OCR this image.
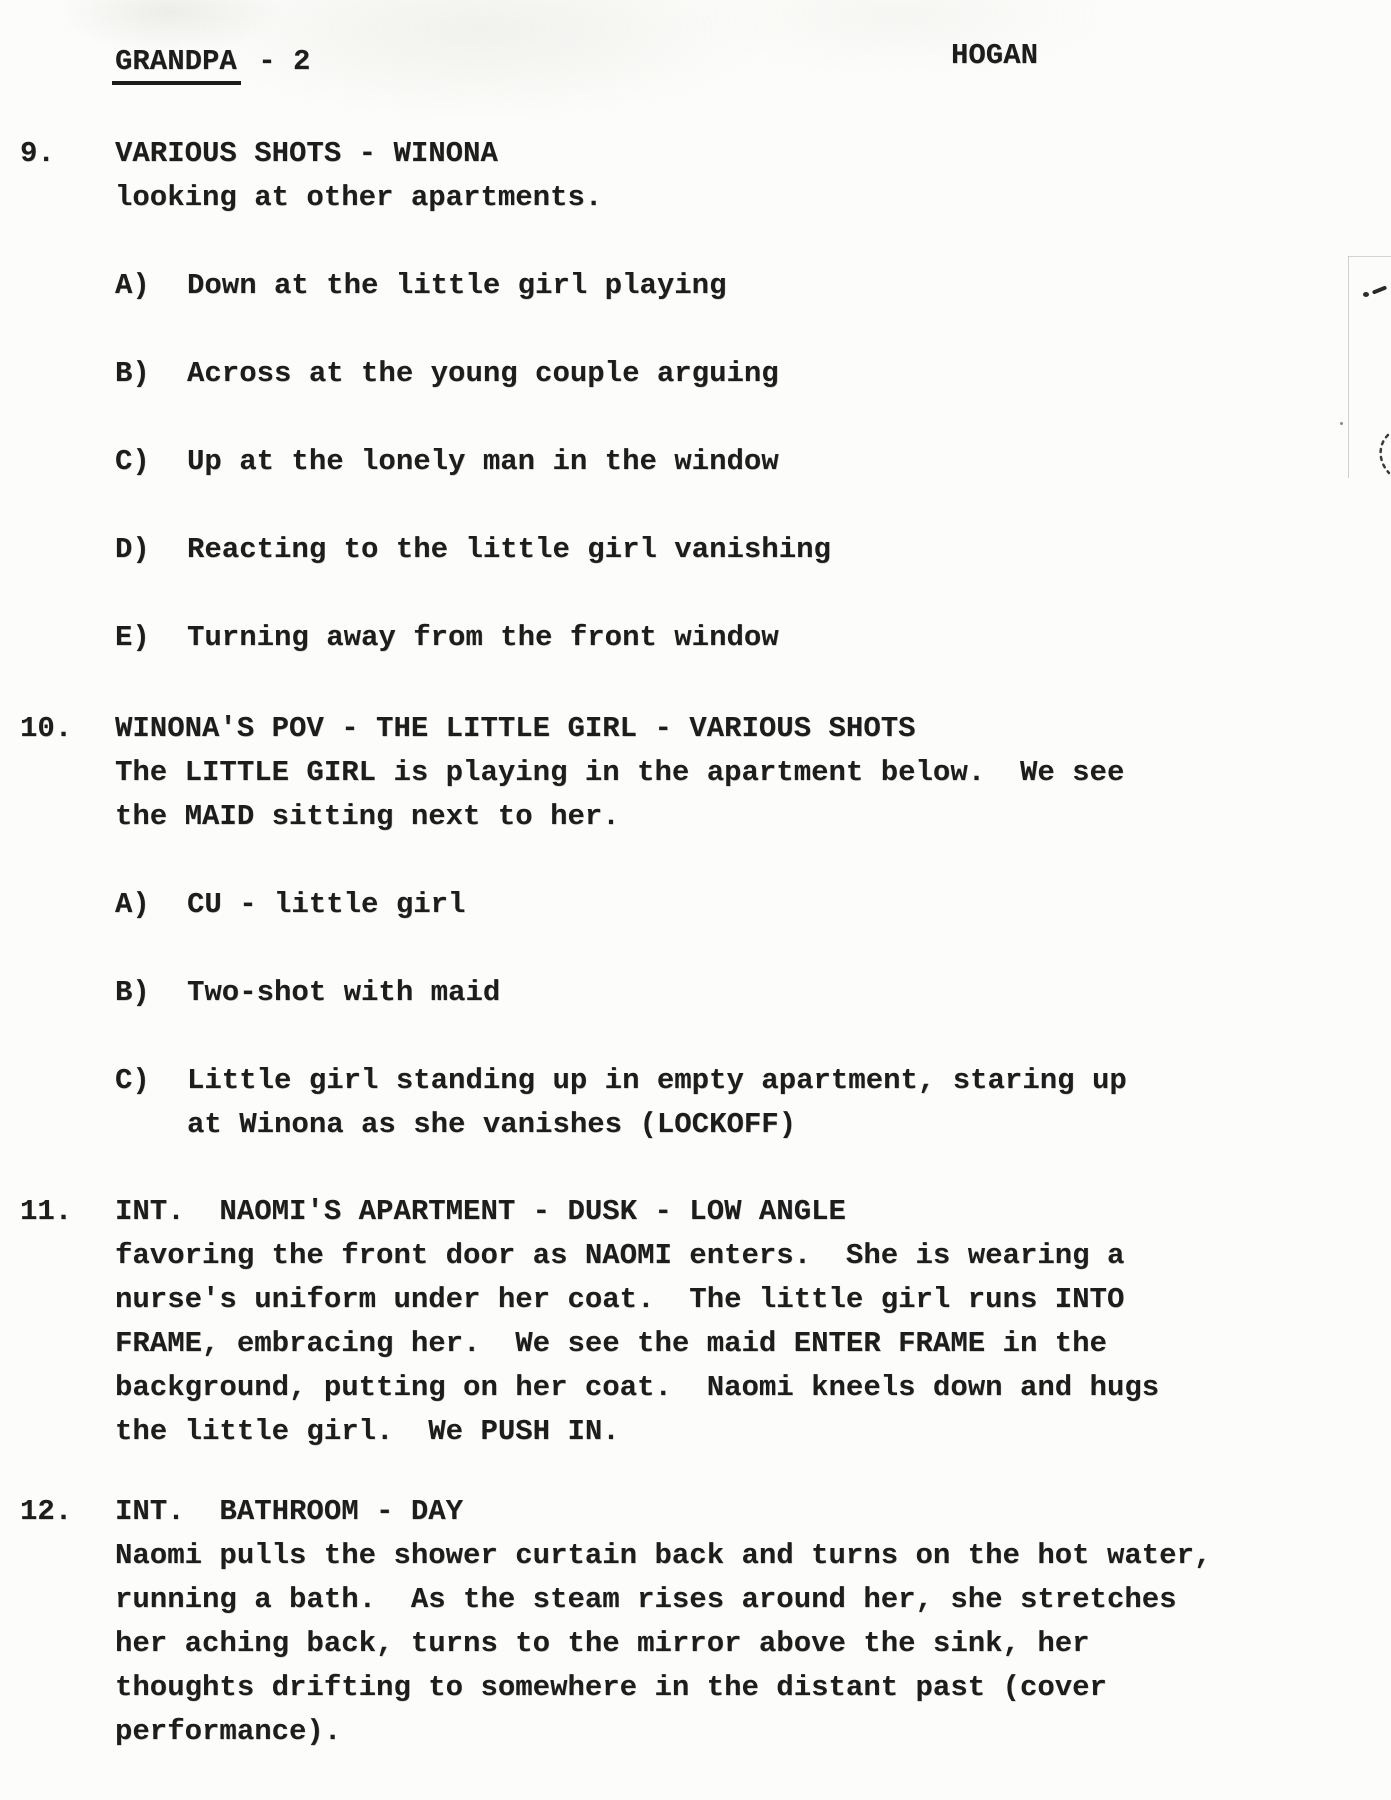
GRANDPA - 2	HOGAN
9. VARIOUS SHOTS - WINONA
looking at other apartments.
A) Down at the little girl playing
B) Across at the young couple arguing
C) Up at the lonely man in the window
D) Reacting to the little girl vanishing
E) Turning away from the front window
10. WINONA'S POV - THE LITTLE GIRL - VARIOUS SHOTS
The LITTLE GIRL is playing in the apartment below.  We see
the MAID sitting next to her.
A) CU - little girl
B) Two-shot with maid
C) Little girl standing up in empty apartment, staring up
at Winona as she vanishes (LOCKOFF)
11. INT.  NAOMI'S APARTMENT - DUSK - LOW ANGLE
favoring the front door as NAOMI enters.  She is wearing a
nurse's uniform under her coat.  The little girl runs INTO
FRAME, embracing her.  We see the maid ENTER FRAME in the
background, putting on her coat.  Naomi kneels down and hugs
the little girl.  We PUSH IN.
12. INT.  BATHROOM - DAY
Naomi pulls the shower curtain back and turns on the hot water,
running a bath.  As the steam rises around her, she stretches
her aching back, turns to the mirror above the sink, her
thoughts drifting to somewhere in the distant past (cover
performance).
